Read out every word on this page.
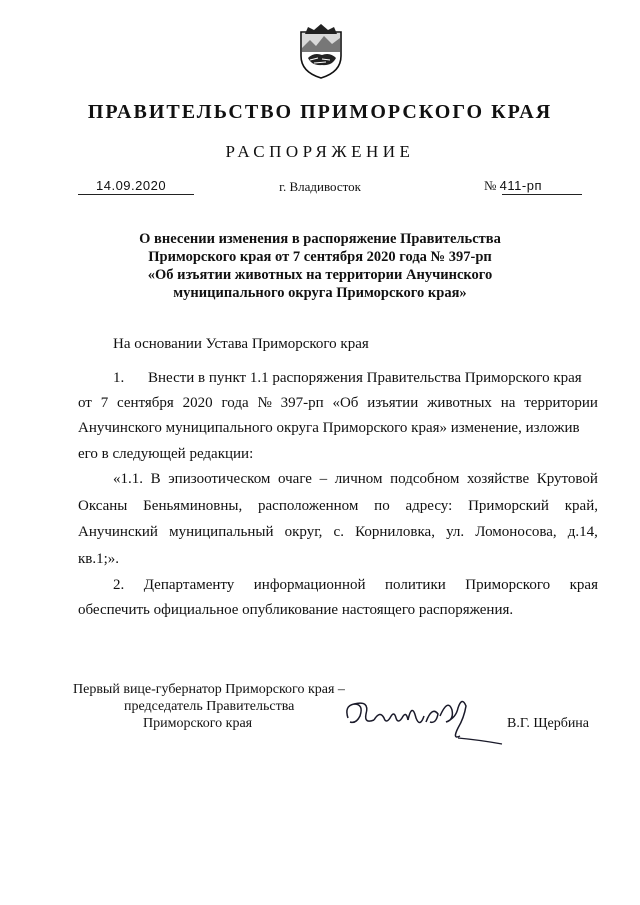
ПРАВИТЕЛЬСТВО ПРИМОРСКОГО КРАЯ
РАСПОРЯЖЕНИЕ
14.09.2020	г. Владивосток	№ 411-рп
О внесении изменения в распоряжение Правительства
Приморского края от 7 сентября 2020 года № 397-рп
«Об изъятии животных на территории Анучинского
муниципального округа Приморского края»
На основании Устава Приморского края
1. Внести в пункт 1.1 распоряжения Правительства Приморского края
от 7 сентября 2020 года № 397-рп «Об изъятии животных на территории
Анучинского муниципального округа Приморского края» изменение, изложив
его в следующей редакции:
«1.1. В эпизоотическом очаге – личном подсобном хозяйстве Крутовой
Оксаны Беньяминовны, расположенном по адресу: Приморский край,
Анучинский муниципальный округ, с. Корниловка, ул. Ломоносова, д.14,
кв.1;».
2. Департаменту информационной политики Приморского края
обеспечить официальное опубликование настоящего распоряжения.
Первый вице-губернатор Приморского края –
председатель Правительства
Приморского края	В.Г. Щербина
